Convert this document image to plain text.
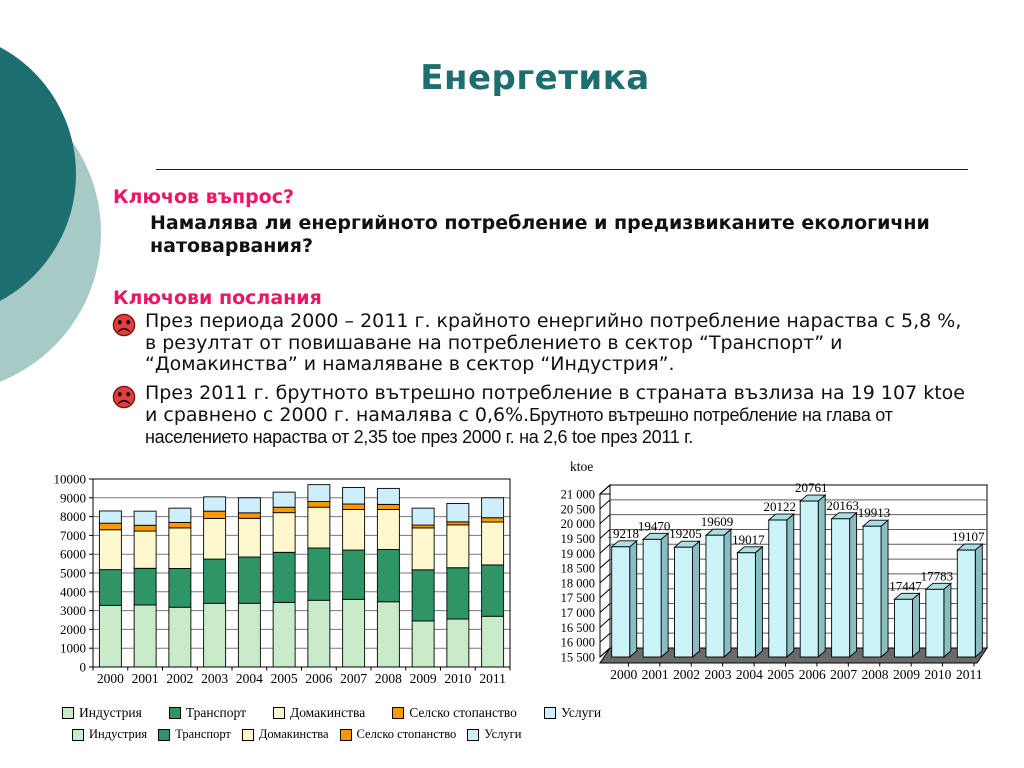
Енергетика
Ключов въпрос?
Намалява ли енергийното потребление и предизвиканите екологични
натоварвания?
Ключови послания
През периода 2000 – 2011 г. крайното енергийно потребление нараства с 5,8 %,
в резултат от повишаване на потреблението в сектор “Транспорт” и
“Домакинства” и намаляване в сектор “Индустрия”.
През 2011 г. брутното вътрешно потребление в страната възлиза на 19 107 ktoe
и сравнено с 2000 г. намалява с 0,6%.Брутното вътрешно потребление на глава от
населението нараства от 2,35 toe през 2000 г. на 2,6 toe през 2011 г.
0
1000
2000
3000
4000
5000
6000
7000
8000
9000
10000
2000 2001 2002 2003 2004 2005 2006 2007 2008 2009 2010 2011
ktoe
15 500
16 000
16 500
17 000
17 500
18 000
18 500
19 000
19 500
20 000
20 500
21 000
19218
2000
19470
2001
19205
2002
19609
2003
19017
2004
20122
2005
20761
2006
20163
2007
19913
2008
17447
2009
17783
2010
19107
2011
Индустрия	Транспорт	Домакинства	Селско стопанство	Услуги
Индустрия Транспорт Домакинства Селско стопанство Услуги
